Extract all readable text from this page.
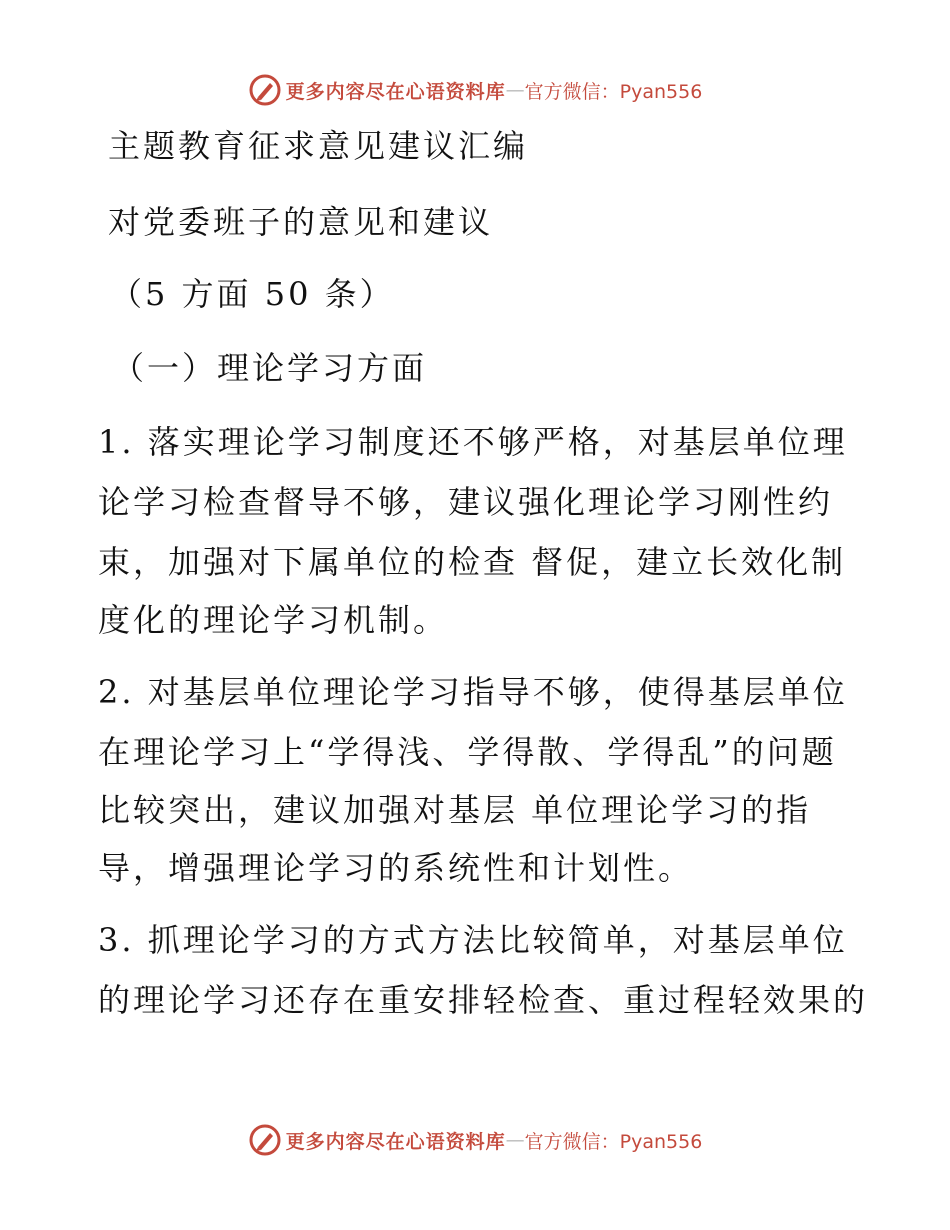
更多内容尽在心语资料库 — 官方微信：Pyan556
主题教育征求意见建议汇编
对党委班子的意见和建议
（5 方面 50 条）
（一）理论学习方面
1. 落实理论学习制度还不够严格，对基层单位理
论学习检查督导不够，建议强化理论学习刚性约
束，加强对下属单位的检查 督促，建立长效化制
度化的理论学习机制。
2. 对基层单位理论学习指导不够，使得基层单位
在理论学习上“学得浅、学得散、学得乱”的问题
比较突出，建议加强对基层 单位理论学习的指
导，增强理论学习的系统性和计划性。
3. 抓理论学习的方式方法比较简单，对基层单位
的理论学习还存在重安排轻检查、重过程轻效果的
更多内容尽在心语资料库 — 官方微信：Pyan556
